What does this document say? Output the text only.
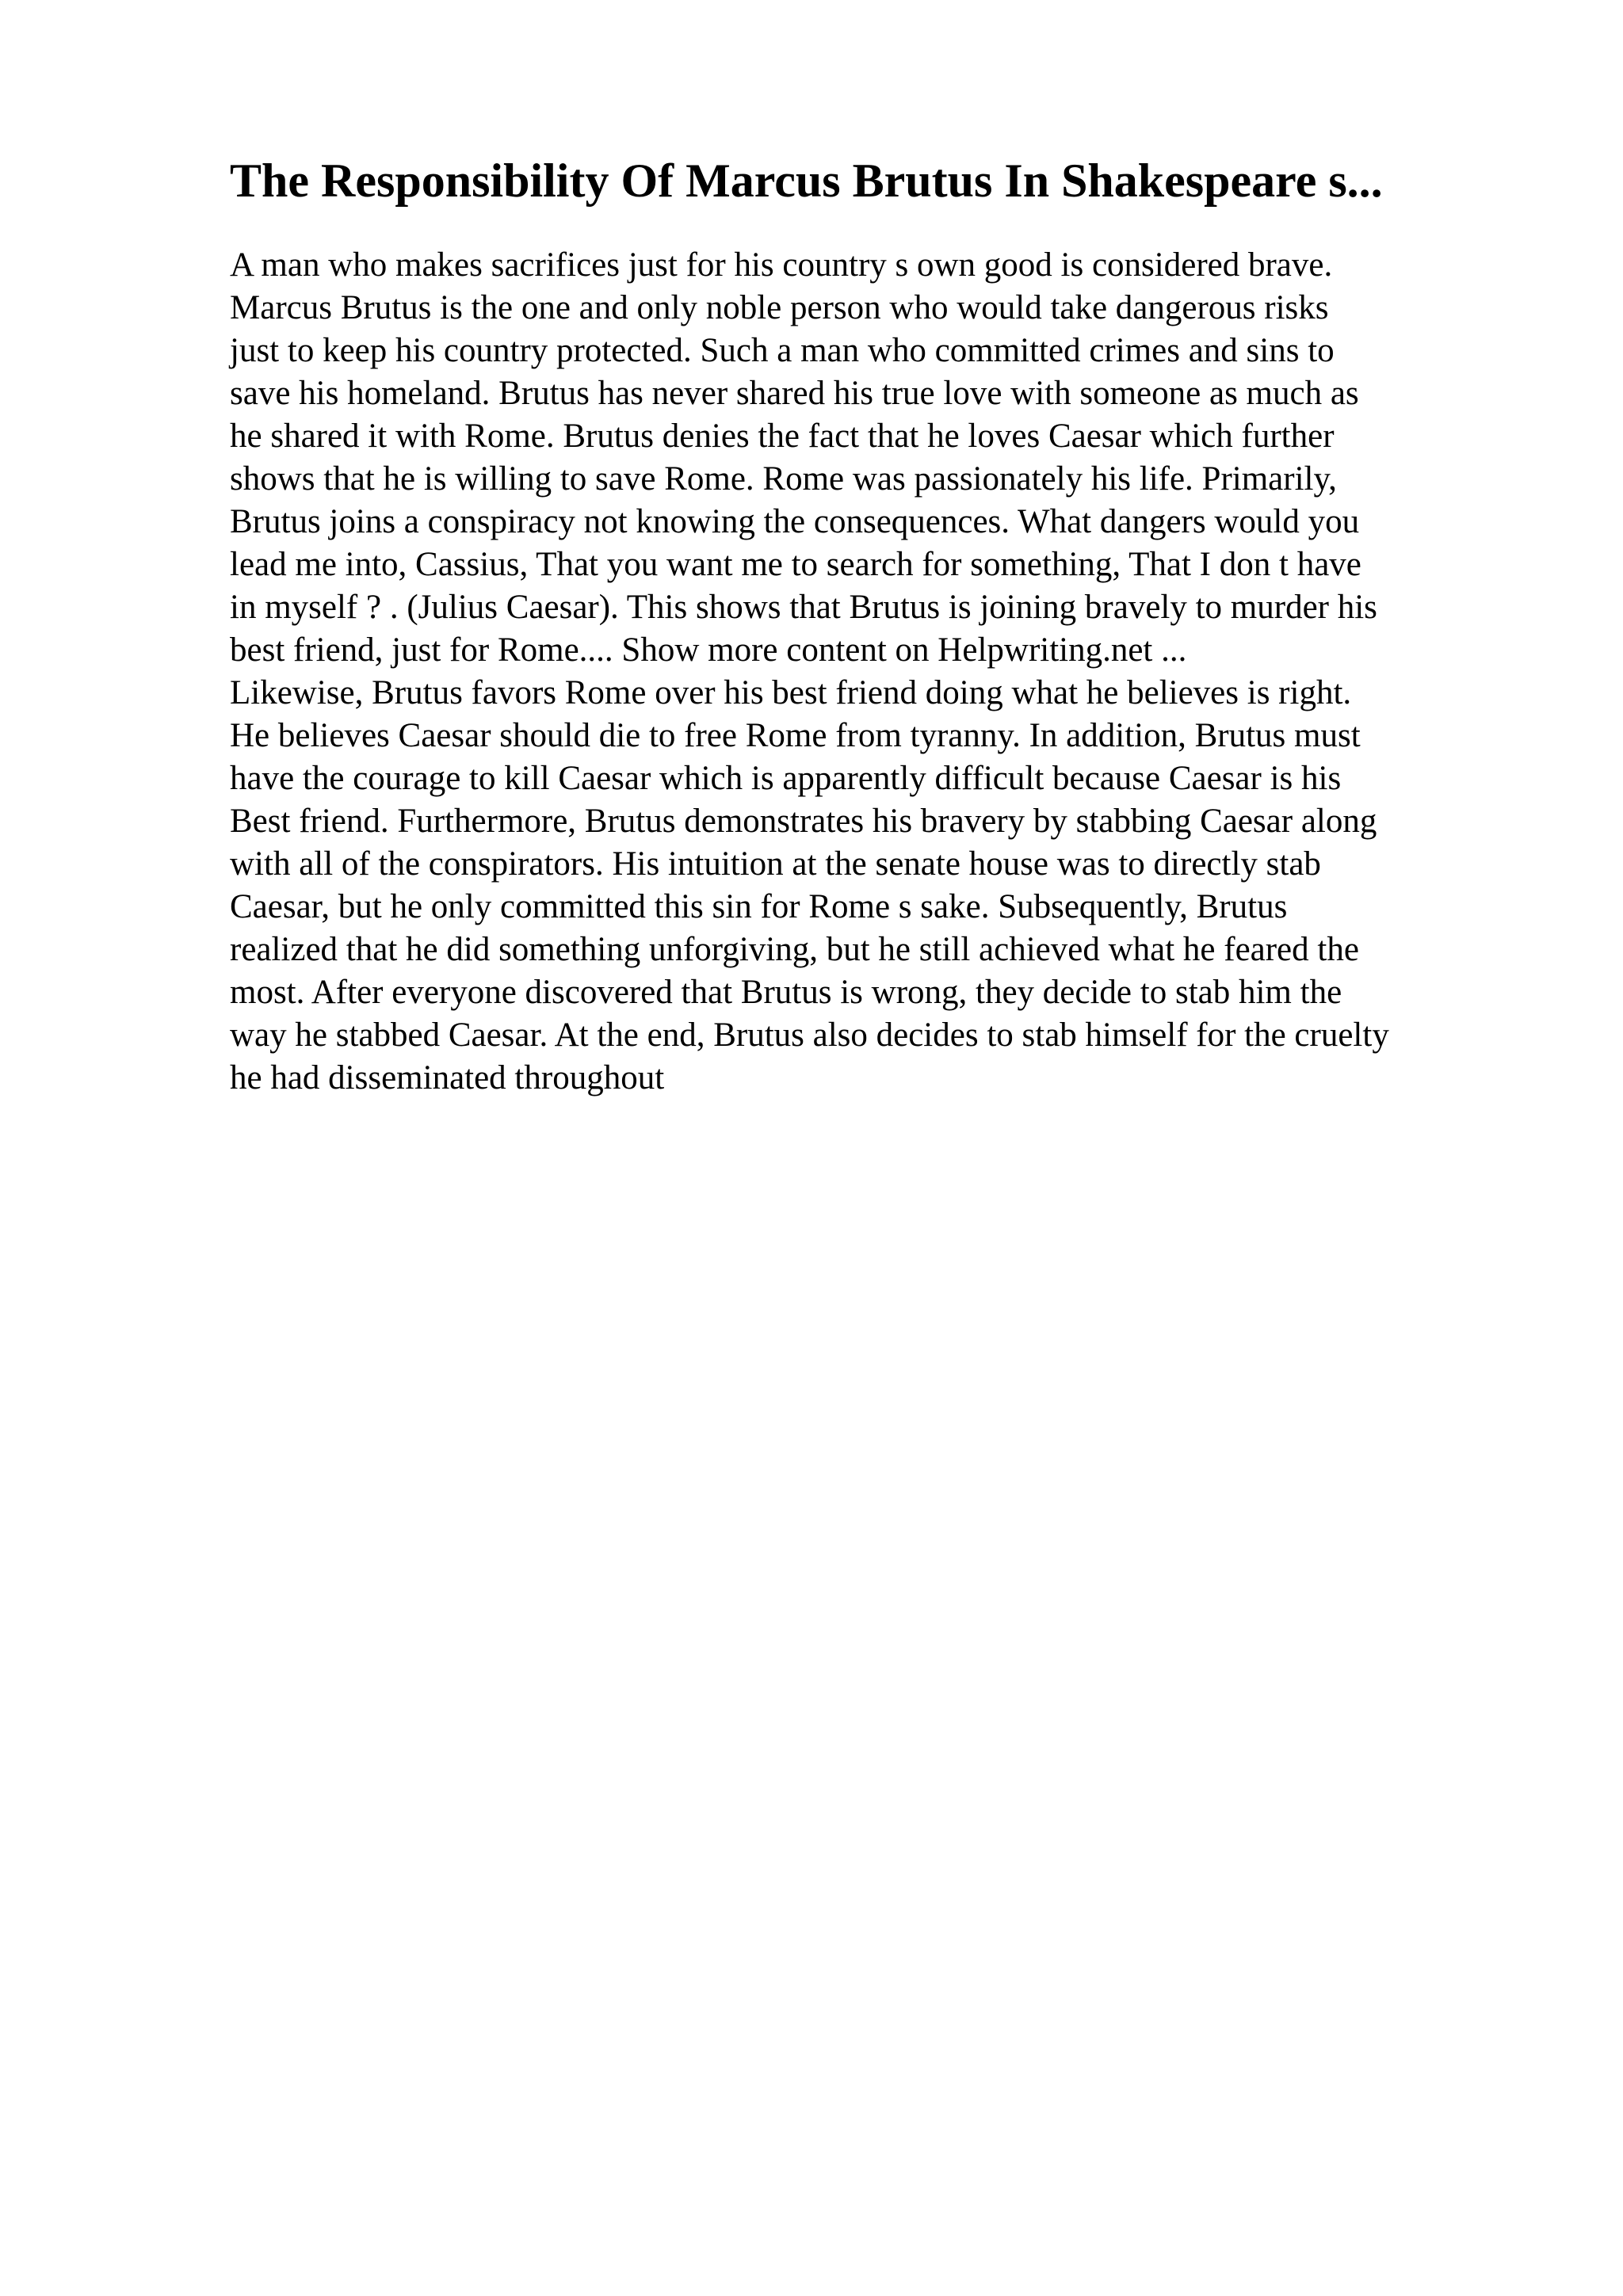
The Responsibility Of Marcus Brutus In Shakespeare s...
A man who makes sacrifices just for his country s own good is considered brave.
Marcus Brutus is the one and only noble person who would take dangerous risks
just to keep his country protected. Such a man who committed crimes and sins to
save his homeland. Brutus has never shared his true love with someone as much as
he shared it with Rome. Brutus denies the fact that he loves Caesar which further
shows that he is willing to save Rome. Rome was passionately his life. Primarily,
Brutus joins a conspiracy not knowing the consequences. What dangers would you
lead me into, Cassius, That you want me to search for something, That I don t have
in myself ? . (Julius Caesar). This shows that Brutus is joining bravely to murder his
best friend, just for Rome.... Show more content on Helpwriting.net ...
Likewise, Brutus favors Rome over his best friend doing what he believes is right.
He believes Caesar should die to free Rome from tyranny. In addition, Brutus must
have the courage to kill Caesar which is apparently difficult because Caesar is his
Best friend. Furthermore, Brutus demonstrates his bravery by stabbing Caesar along
with all of the conspirators. His intuition at the senate house was to directly stab
Caesar, but he only committed this sin for Rome s sake. Subsequently, Brutus
realized that he did something unforgiving, but he still achieved what he feared the
most. After everyone discovered that Brutus is wrong, they decide to stab him the
way he stabbed Caesar. At the end, Brutus also decides to stab himself for the cruelty
he had disseminated throughout
